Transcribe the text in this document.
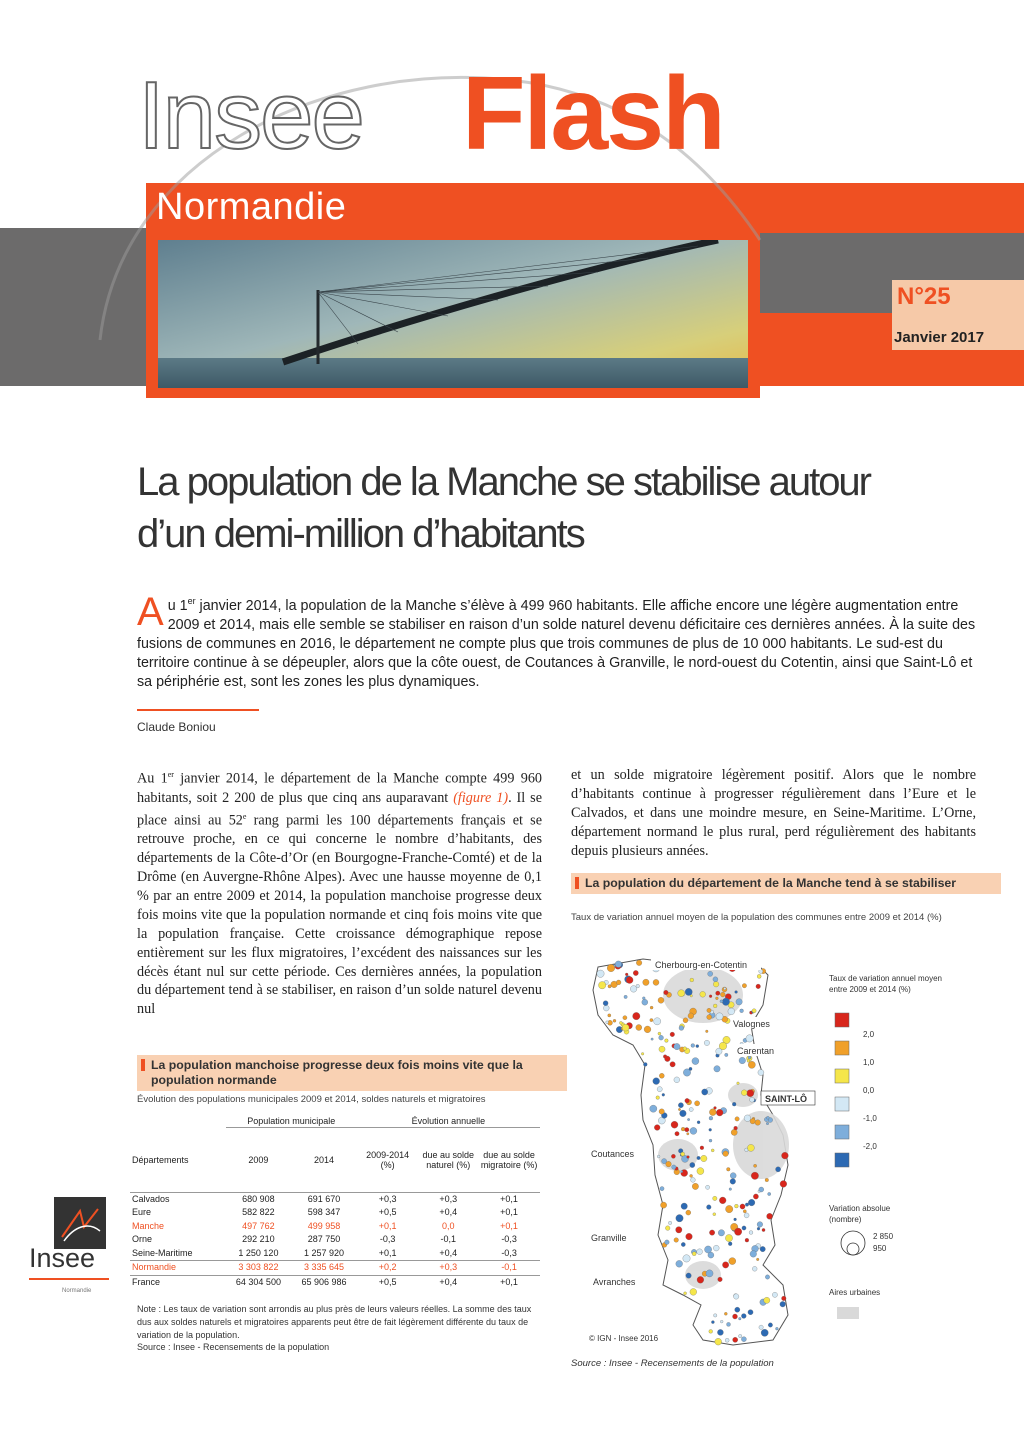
Insee Flash
Normandie
N°25
Janvier 2017
La population de la Manche se stabilise autour d’un demi-million d’habitants
Au 1er janvier 2014, la population de la Manche s’élève à 499 960 habitants. Elle affiche encore une légère augmentation entre 2009 et 2014, mais elle semble se stabiliser en raison d’un solde naturel devenu déficitaire ces dernières années. À la suite des fusions de communes en 2016, le département ne compte plus que trois communes de plus de 10 000 habitants. Le sud-est du territoire continue à se dépeupler, alors que la côte ouest, de Coutances à Granville, le nord-ouest du Cotentin, ainsi que Saint-Lô et sa périphérie est, sont les zones les plus dynamiques.
Claude Boniou
Au 1er janvier 2014, le département de la Manche compte 499 960 habitants, soit 2 200 de plus que cinq ans auparavant (figure 1). Il se place ainsi au 52e rang parmi les 100 départements français et se retrouve proche, en ce qui concerne le nombre d’habitants, des départements de la Côte-d’Or (en Bourgogne-Franche-Comté) et de la Drôme (en Auvergne-Rhône Alpes). Avec une hausse moyenne de 0,1 % par an entre 2009 et 2014, la population manchoise progresse deux fois moins vite que la population normande et cinq fois moins vite que la population française. Cette croissance démographique repose entièrement sur les flux migratoires, l’excédent des naissances sur les décès étant nul sur cette période. Ces dernières années, la population du département tend à se stabiliser, en raison d’un solde naturel devenu nul
et un solde migratoire légèrement positif. Alors que le nombre d’habitants continue à progresser régulièrement dans l’Eure et le Calvados, et dans une moindre mesure, en Seine-Maritime. L’Orne, département normand le plus rural, perd régulièrement des habitants depuis plusieurs années.
La population manchoise progresse deux fois moins vite que la population normande
Évolution des populations municipales 2009 et 2014, soldes naturels et migratoires
	Population municipale		Évolution annuelle		
Départements	2009	2014	2009-2014 (%)	due au solde naturel (%)	due au solde migratoire (%)
Calvados	680 908	691 670	+0,3	+0,3	+0,1
Eure	582 822	598 347	+0,5	+0,4	+0,1
Manche	497 762	499 958	+0,1	0,0	+0,1
Orne	292 210	287 750	-0,3	-0,1	-0,3
Seine-Maritime	1 250 120	1 257 920	+0,1	+0,4	-0,3
Normandie	3 303 822	3 335 645	+0,2	+0,3	-0,1
France	64 304 500	65 906 986	+0,5	+0,4	+0,1
Note : Les taux de variation sont arrondis au plus près de leurs valeurs réelles. La somme des taux dus aux soldes naturels et migratoires apparents peut être de fait légèrement différente du taux de variation de la population.
Source : Insee - Recensements de la population
Insee
Normandie
La population du département de la Manche tend à se stabiliser
Taux de variation annuel moyen de la population des communes entre 2009 et 2014 (%)
Cherbourg-en-Cotentin
Valognes
Carentan
SAINT-LÔ
Coutances
Granville
Avranches
© IGN - Insee 2016
Taux de variation annuel moyen
entre 2009 et 2014 (%)
2,0
1,0
0,0
-1,0
-2,0
Variation absolue
(nombre)
2 850
950
Aires urbaines
Source : Insee - Recensements de la population
